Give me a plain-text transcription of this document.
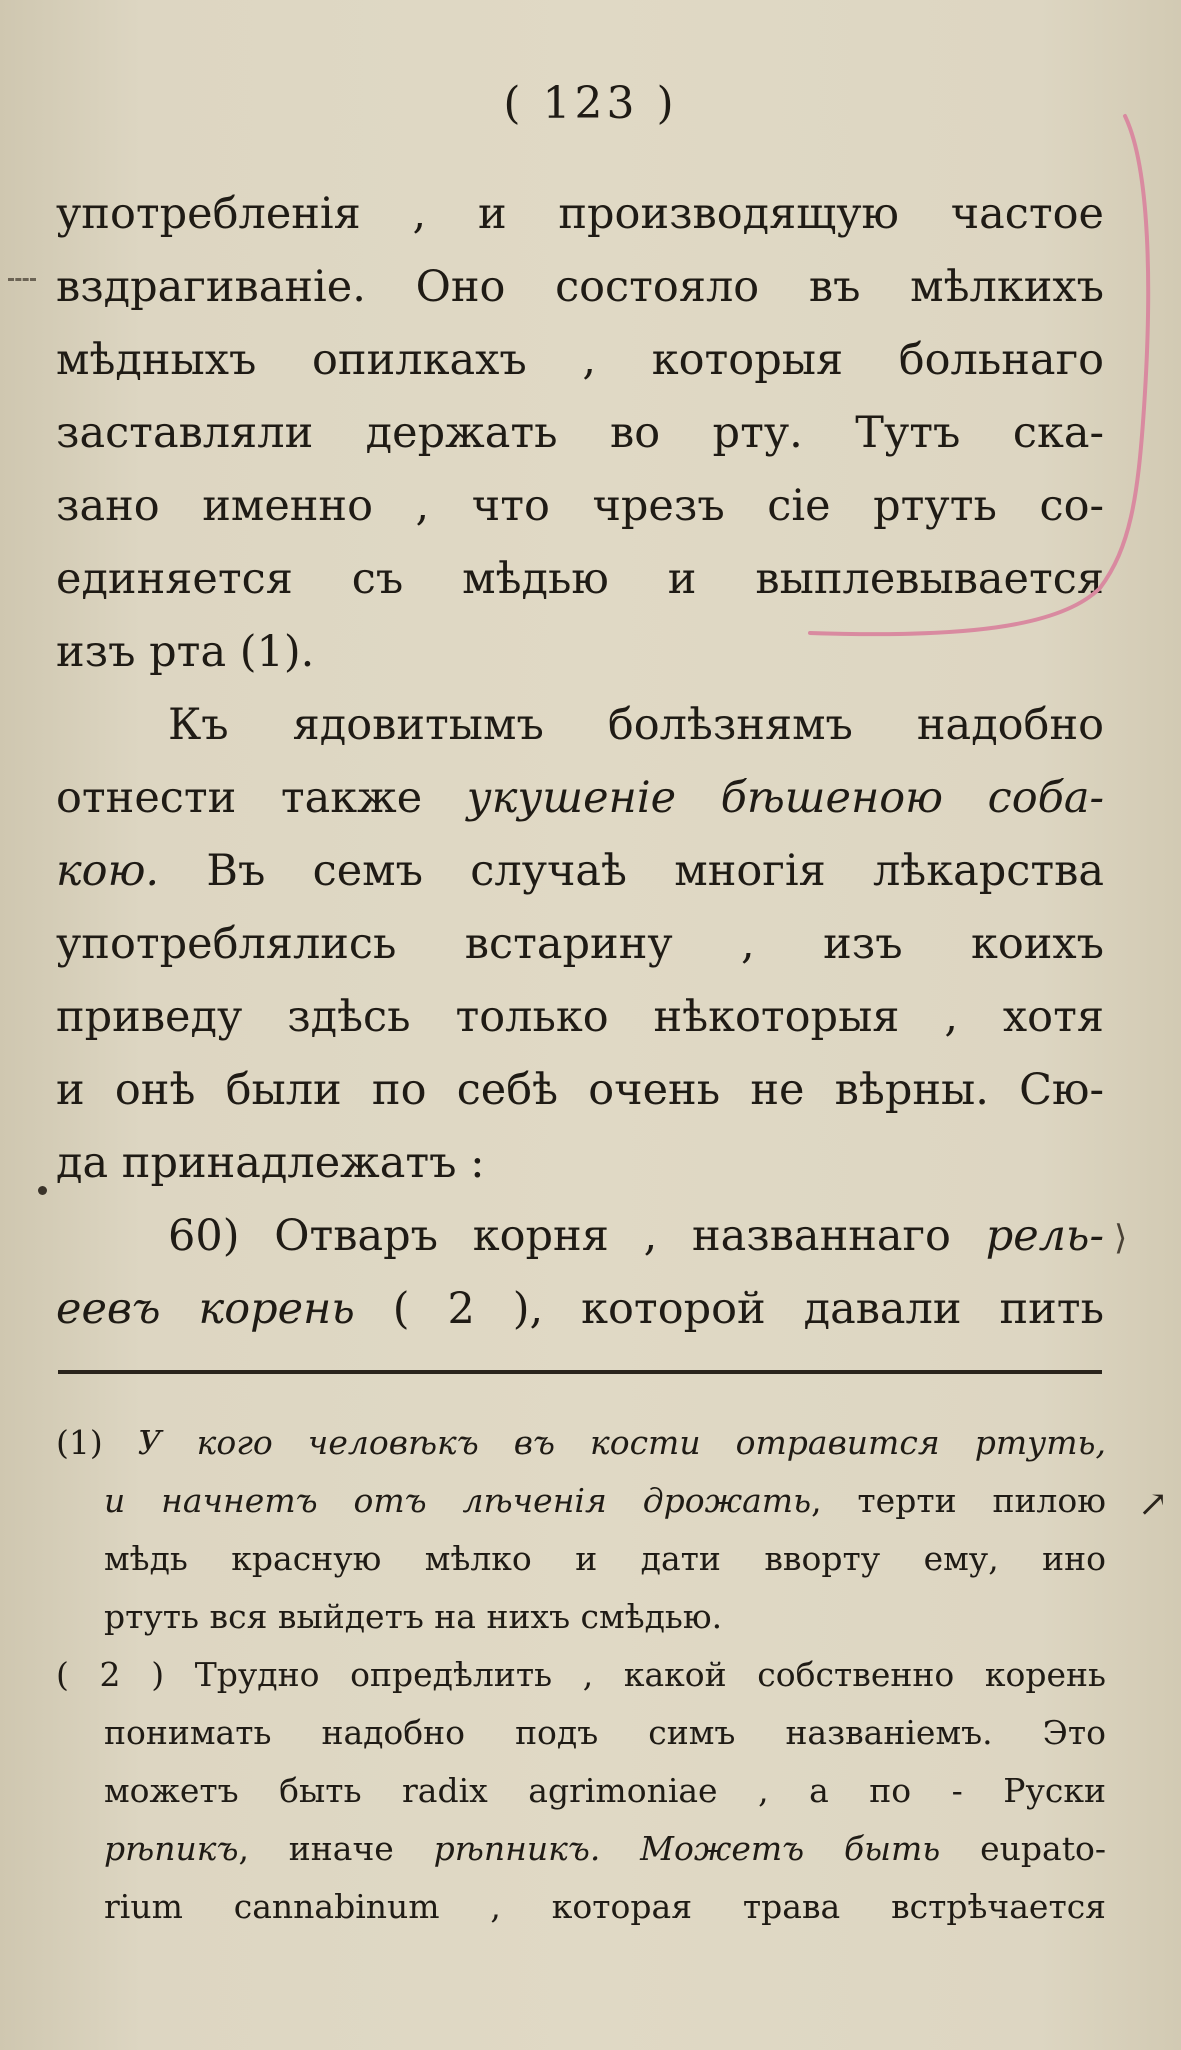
( 123 )
употребленія , и производящую частое
вздрагиваніе. Оно состояло въ мѣлкихъ
мѣдныхъ опилкахъ , которыя больнаго
заставляли держать во рту. Тутъ ска-
зано именно , что чрезъ сіе ртуть со-
единяется съ мѣдью и выплевывается
изъ рта (1).
Къ ядовитымъ болѣзнямъ надобно
отнести также укушеніе бѣшеною соба-
кою. Въ семъ случаѣ многія лѣкарства
употреблялись встарину , изъ коихъ
приведу здѣсь только нѣкоторыя , хотя
и онѣ были по себѣ очень не вѣрны. Сю-
да принадлежатъ :
60) Отваръ корня , названнаго рель-
еевъ корень ( 2 ), которой давали пить
(1) У кого человѣкъ въ кости отравится ртуть,
и начнетъ отъ лѣченія дрожать, терти пилою
мѣдь красную мѣлко и дати вворту ему, ино
ртуть вся выйдетъ на нихъ смѣдью.
( 2 ) Трудно опредѣлить , какой собственно корень
понимать надобно подъ симъ названіемъ. Это
можетъ быть radix agrimoniae , а по - Руски
рѣпикъ, иначе рѣпникъ. Можетъ быть eupato-
rium cannabinum , которая трава встрѣчается
⟩
↗
